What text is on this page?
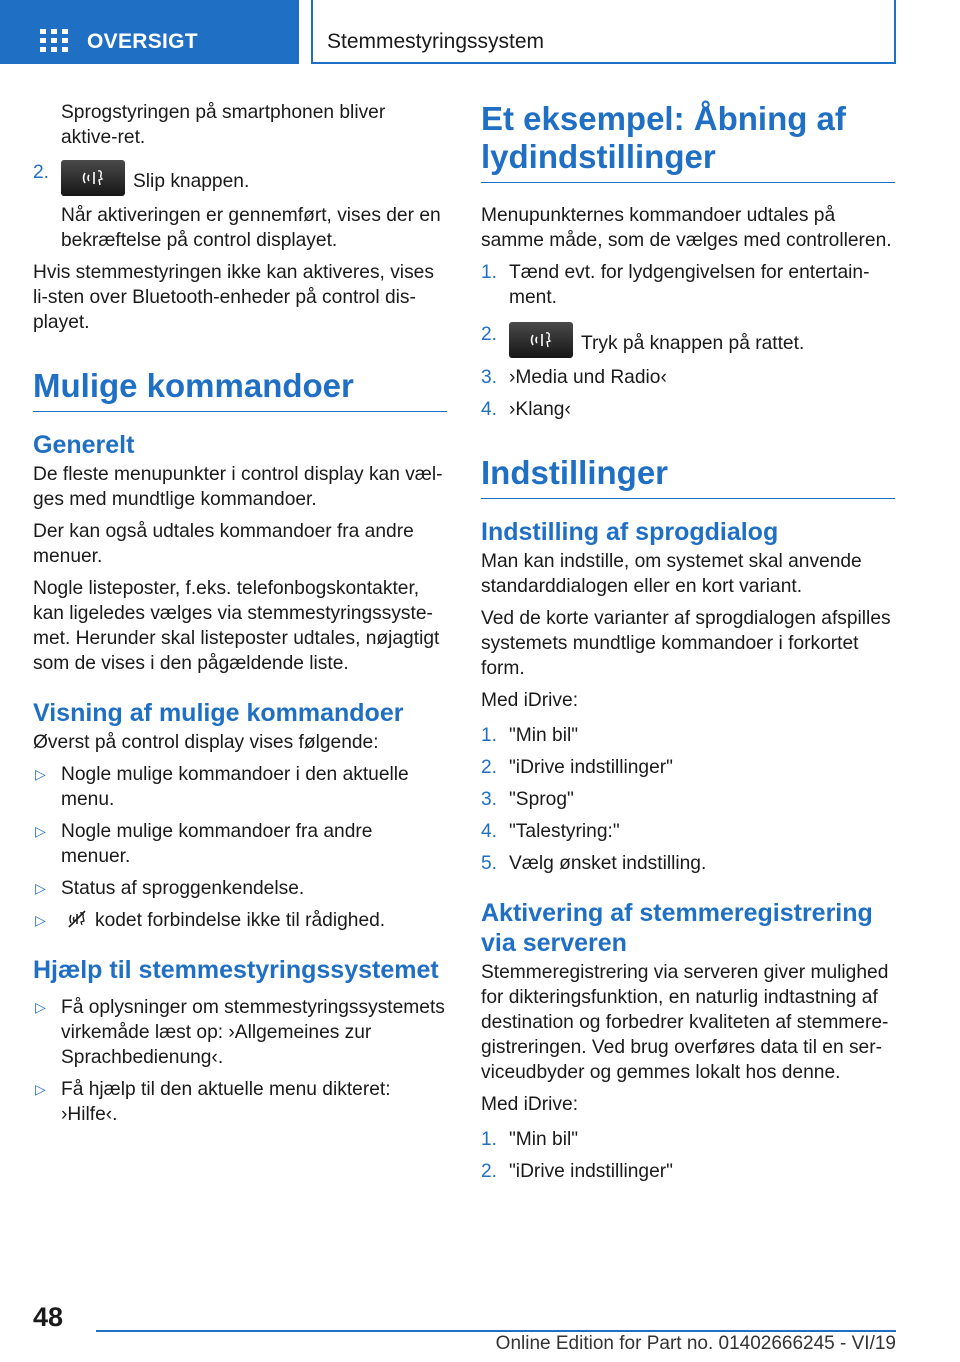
OVERSIGT	Stemmestyringssystem

Sprogstyringen på smartphonen bliver aktive-ret.

2.	Slip knappen.

Når aktiveringen er gennemført, vises der en bekræftelse på control displayet.

Hvis stemmestyringen ikke kan aktiveres, vises li-sten over Bluetooth-enheder på control dis-playet.

Mulige kommandoer
Generelt

De fleste menupunkter i control display kan væl-ges med mundtlige kommandoer.

Der kan også udtales kommandoer fra andre menuer.

Nogle listeposter, f.eks. telefonbogskontakter, kan ligeledes vælges via stemmestyringssyste-met. Herunder skal listeposter udtales, nøjagtigt som de vises i den pågældende liste.

Visning af mulige kommandoer

Øverst på control display vises følgende:

▷ Nogle mulige kommandoer i den aktuelle menu.
▷ Nogle mulige kommandoer fra andre menuer.
▷ Status af sproggenkendelse.
▷	kodet forbindelse ikke til rådighed.
Hjælp til stemmestyringssystemet
▷ Få oplysninger om stemmestyringssystemets virkemåde læst op: ›Allgemeines zur Sprachbedienung‹.
▷ Få hjælp til den aktuelle menu dikteret: ›Hilfe‹.
Et eksempel: Åbning af lydindstillinger

Menupunkternes kommandoer udtales på samme måde, som de vælges med controlleren.

1. Tænd evt. for lydgengivelsen for entertain-ment.
2.	Tryk på knappen på rattet.
3. ›Media und Radio‹
4. ›Klang‹
Indstillinger
Indstilling af sprogdialog

Man kan indstille, om systemet skal anvende standarddialogen eller en kort variant.

Ved de korte varianter af sprogdialogen afspilles systemets mundtlige kommandoer i forkortet form.

Med iDrive:

1. "Min bil"
2. "iDrive indstillinger"
3. "Sprog"
4. "Talestyring:"
5. Vælg ønsket indstilling.
Aktivering af stemmeregistrering via serveren

Stemmeregistrering via serveren giver mulighed for dikteringsfunktion, en naturlig indtastning af destination og forbedrer kvaliteten af stemmere-gistreringen. Ved brug overføres data til en ser-viceudbyder og gemmes lokalt hos denne.

Med iDrive:

1. "Min bil"
2. "iDrive indstillinger"
48
Online Edition for Part no. 01402666245 - VI/19
